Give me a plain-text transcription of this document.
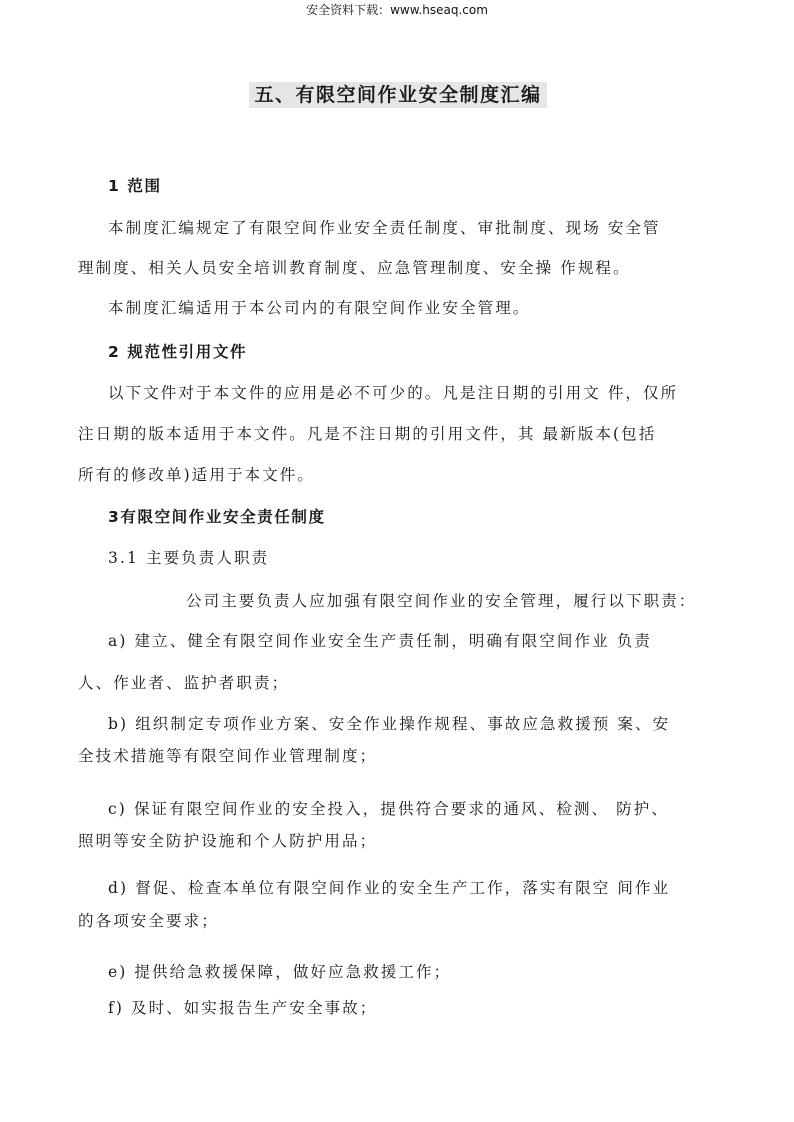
安全资料下载：www.hseaq.com
五、有限空间作业安全制度汇编
1 范围
本制度汇编规定了有限空间作业安全责任制度、审批制度、现场 安全管
理制度、相关人员安全培训教育制度、应急管理制度、安全操 作规程。
本制度汇编适用于本公司内的有限空间作业安全管理。
2 规范性引用文件
以下文件对于本文件的应用是必不可少的。凡是注日期的引用文 件，仅所
注日期的版本适用于本文件。凡是不注日期的引用文件，其 最新版本(包括
所有的修改单)适用于本文件。
3有限空间作业安全责任制度
3.1 主要负责人职责
公司主要负责人应加强有限空间作业的安全管理，履行以下职责：
a) 建立、健全有限空间作业安全生产责任制，明确有限空间作业 负责
人、作业者、监护者职责；
b) 组织制定专项作业方案、安全作业操作规程、事故应急救援预 案、安
全技术措施等有限空间作业管理制度；
c) 保证有限空间作业的安全投入，提供符合要求的通风、检测、 防护、
照明等安全防护设施和个人防护用品；
d) 督促、检查本单位有限空间作业的安全生产工作，落实有限空 间作业
的各项安全要求；
e) 提供给急救援保障，做好应急救援工作；
f) 及时、如实报告生产安全事故；
